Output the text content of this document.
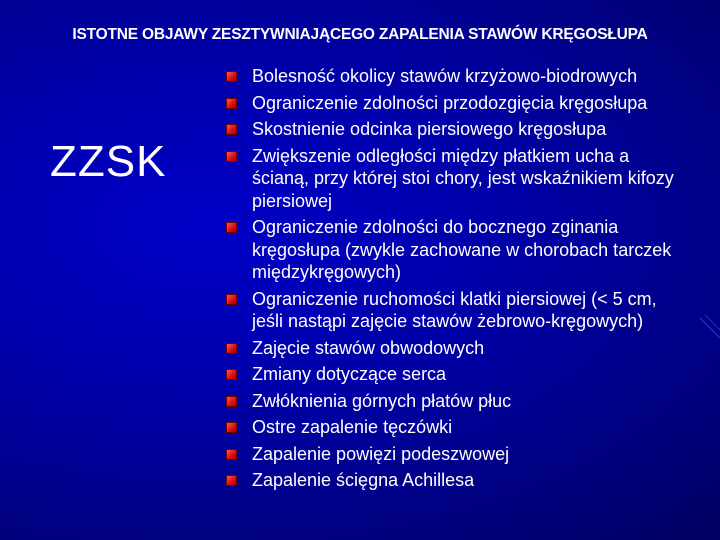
ISTOTNE OBJAWY ZESZTYWNIAJĄCEGO ZAPALENIA STAWÓW KRĘGOSŁUPA
ZZSK
Bolesność okolicy stawów krzyżowo-biodrowych
Ograniczenie zdolności przodozgięcia kręgosłupa
Skostnienie odcinka piersiowego kręgosłupa
Zwiększenie odległości między płatkiem ucha a ścianą, przy której stoi chory, jest wskaźnikiem kifozy piersiowej
Ograniczenie zdolności do bocznego zginania kręgosłupa (zwykle zachowane w chorobach tarczek międzykręgowych)
Ograniczenie ruchomości klatki piersiowej (< 5 cm, jeśli nastąpi zajęcie stawów żebrowo-kręgowych)
Zajęcie stawów obwodowych
Zmiany dotyczące serca
Zwłóknienia górnych płatów płuc
Ostre zapalenie tęczówki
Zapalenie powięzi podeszwowej
Zapalenie ścięgna Achillesa
